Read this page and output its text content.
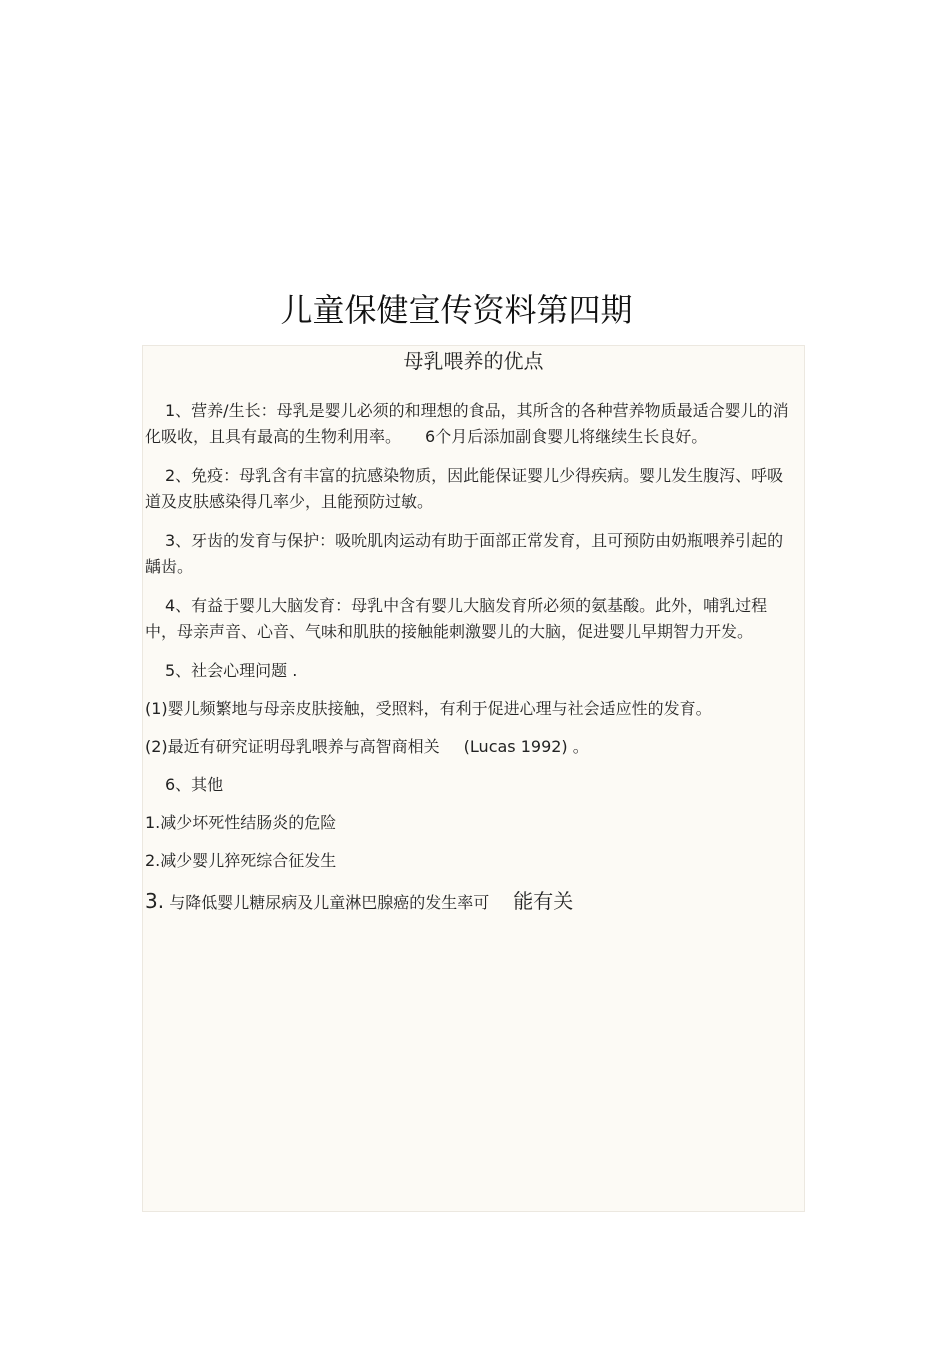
儿童保健宣传资料第四期
母乳喂养的优点

1、营养/生长：母乳是婴儿必须的和理想的食品，其所含的各种营养物质最适合婴儿的消化吸收，且具有最高的生物利用率。 6个月后添加副食婴儿将继续生长良好。

2、免疫：母乳含有丰富的抗感染物质，因此能保证婴儿少得疾病。婴儿发生腹泻、呼吸道及皮肤感染得几率少，且能预防过敏。

3、牙齿的发育与保护：吸吮肌肉运动有助于面部正常发育，且可预防由奶瓶喂养引起的龋齿。

4、有益于婴儿大脑发育：母乳中含有婴儿大脑发育所必须的氨基酸。此外，哺乳过程中，母亲声音、心音、气味和肌肤的接触能刺激婴儿的大脑，促进婴儿早期智力开发。

5、社会心理问题 .

(1)婴儿频繁地与母亲皮肤接触，受照料，有利于促进心理与社会适应性的发育。

(2)最近有研究证明母乳喂养与高智商相关 (Lucas 1992) 。

6、其他

1.减少坏死性结肠炎的危险

2.减少婴儿猝死综合征发生

3. 与降低婴儿糖尿病及儿童淋巴腺癌的发生率可 能有关
